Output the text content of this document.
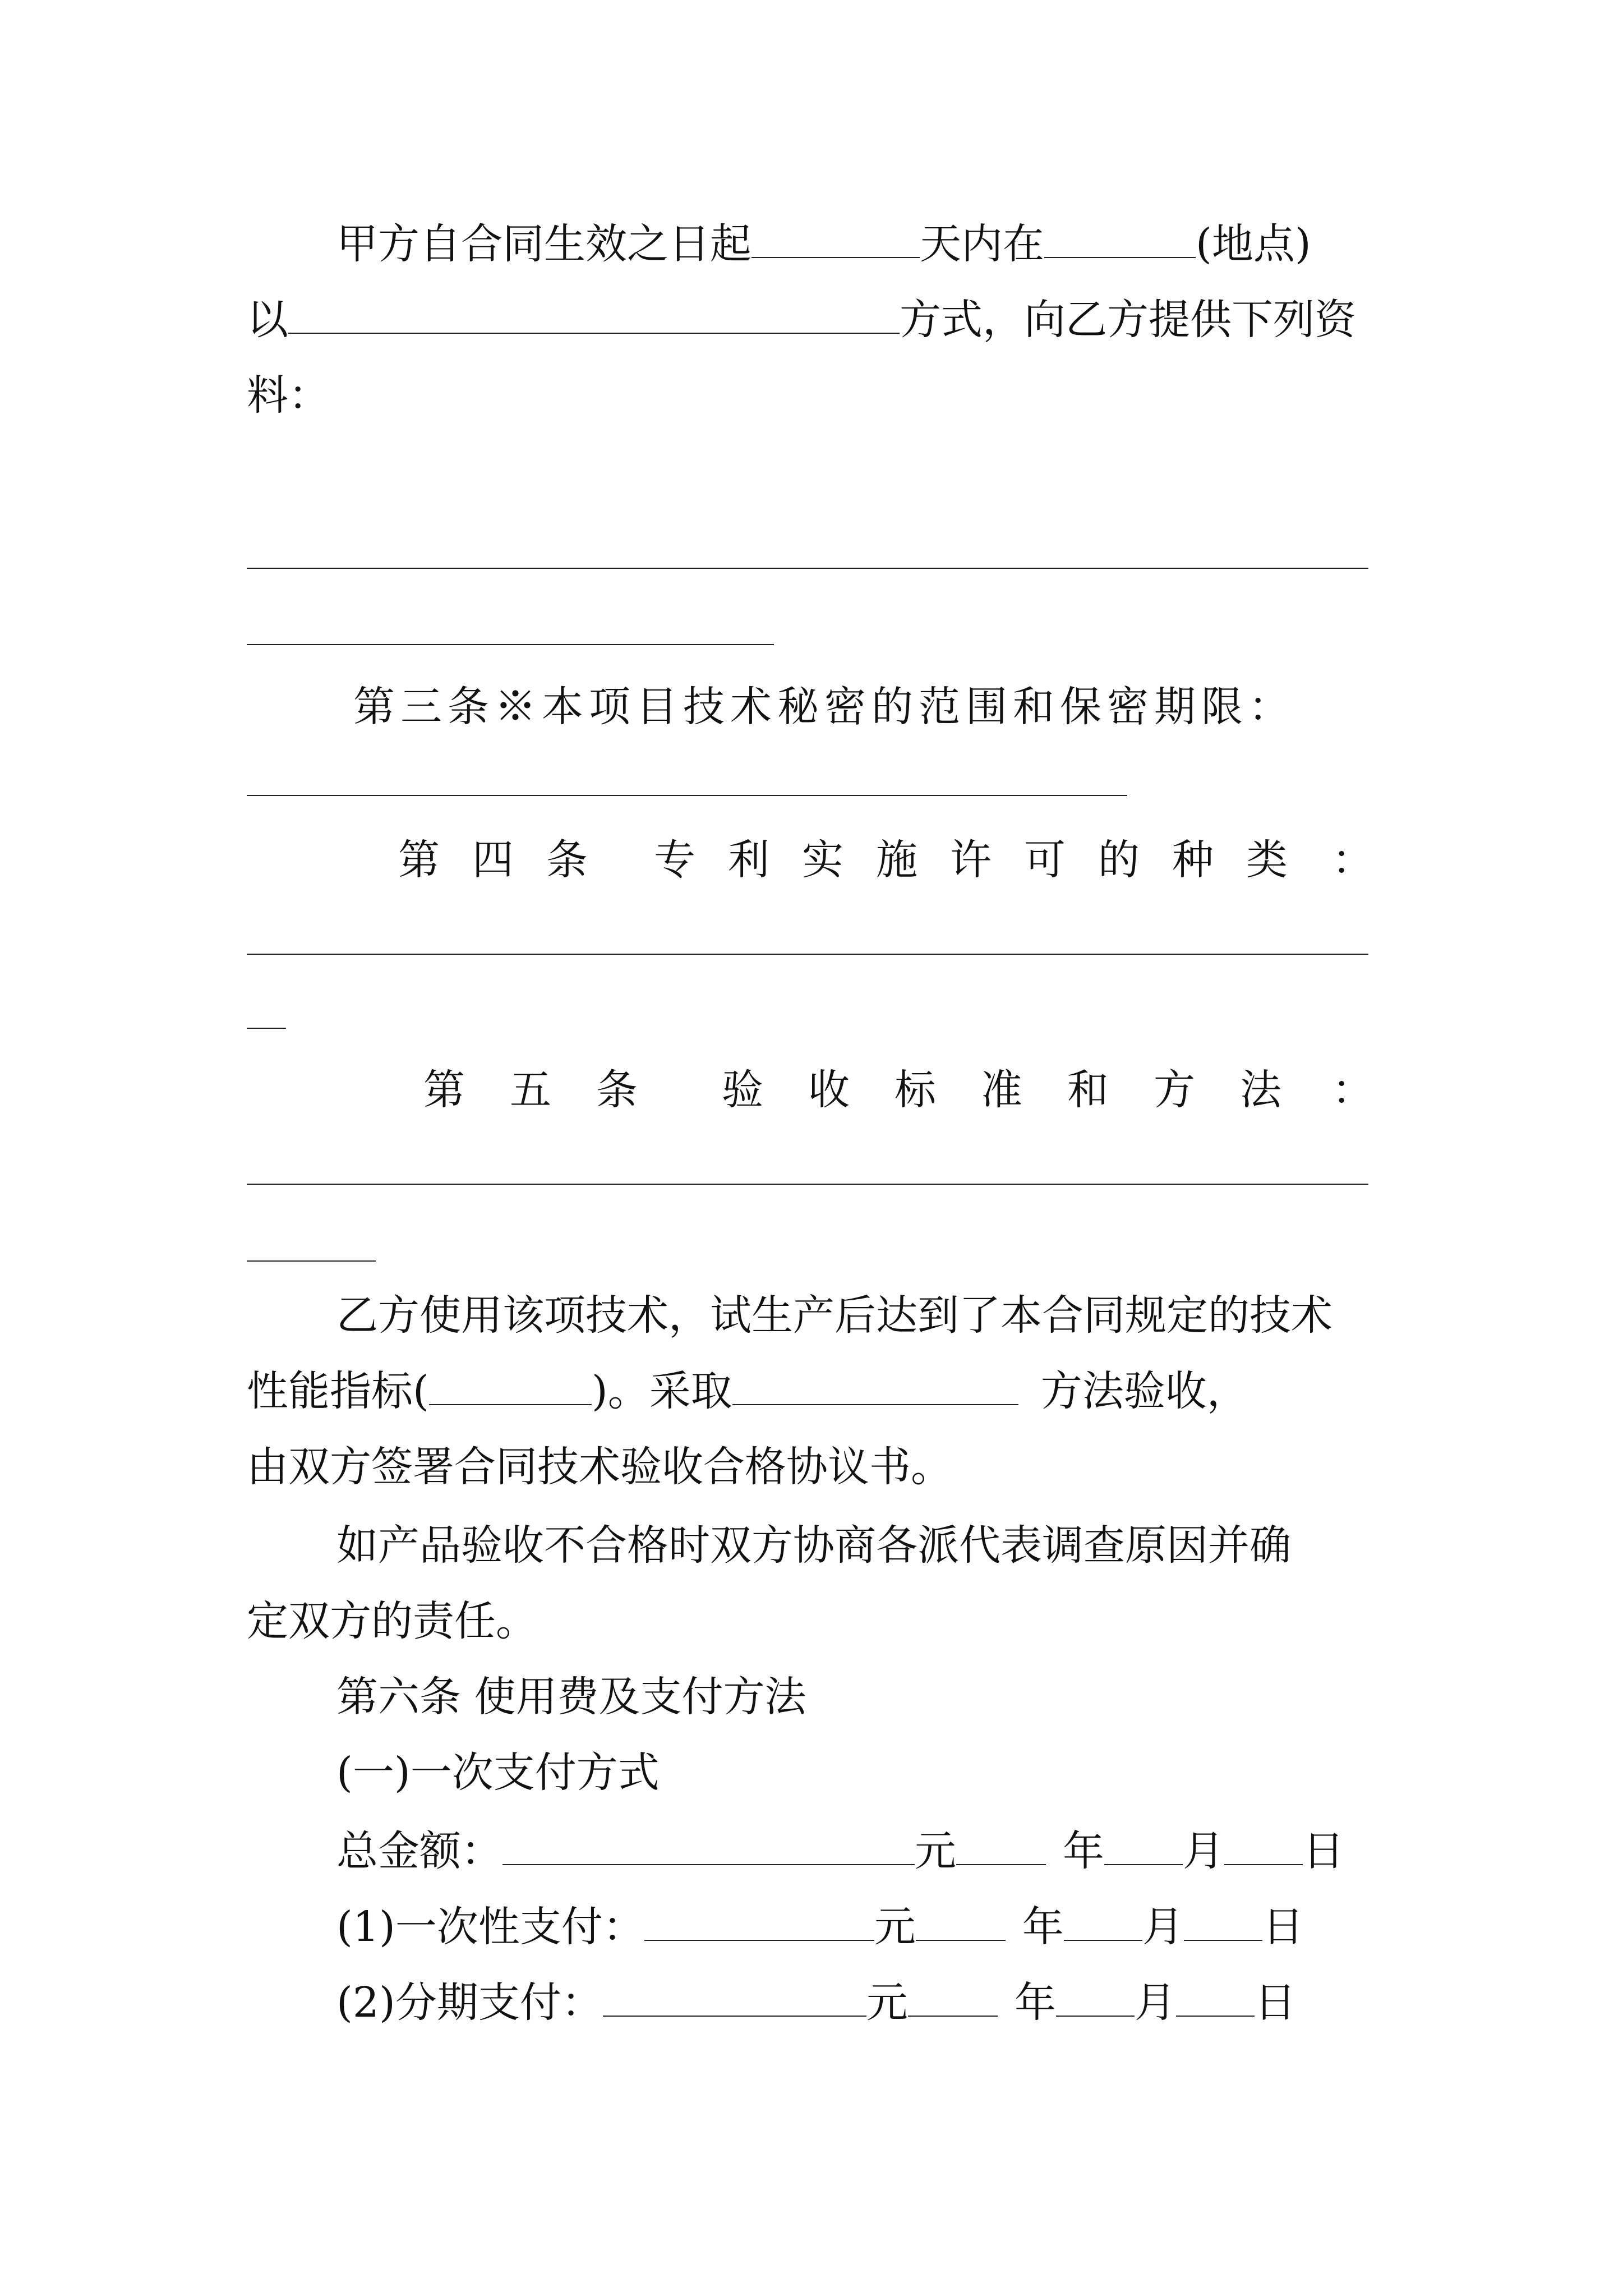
甲方自合同生效之日起	天内在	(地点)
以	方式，向乙方提供下列资
料：
第三条※本项目技术秘密的范围和保密期限：
第四条 专利实施许可的种类 ：
第五条 验收标准和方法 ：
乙方使用该项技术，试生产后达到了本合同规定的技术
性能指标(	)。采取	方法验收，
由双方签署合同技术验收合格协议书。
如产品验收不合格时双方协商各派代表调查原因并确
定双方的责任。
第六条 使用费及支付方法
(一)一次支付方式
总金额：	元	年 月 日
(1)一次性支付：	元	年 月 日
(2)分期支付：	元	年 月 日
